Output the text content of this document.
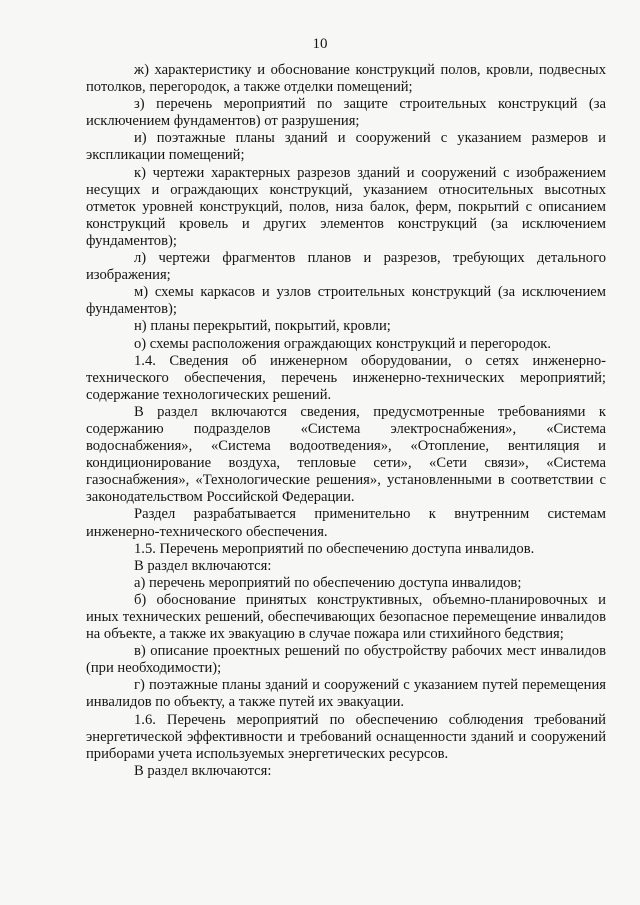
10

ж) характеристику и обоснование конструкций полов, кровли, подвесных потолков, перегородок, а также отделки помещений;

з) перечень мероприятий по защите строительных конструкций (за исключением фундаментов) от разрушения;

и) поэтажные планы зданий и сооружений с указанием размеров и экспликации помещений;

к) чертежи характерных разрезов зданий и сооружений с изображением несущих и ограждающих конструкций, указанием относительных высотных отметок уровней конструкций, полов, низа балок, ферм, покрытий с описанием конструкций кровель и других элементов конструкций (за исключением фундаментов);

л) чертежи фрагментов планов и разрезов, требующих детального изображения;

м) схемы каркасов и узлов строительных конструкций (за исключением фундаментов);

н) планы перекрытий, покрытий, кровли;

о) схемы расположения ограждающих конструкций и перегородок.

1.4. Сведения об инженерном оборудовании, о сетях инженерно-технического обеспечения, перечень инженерно-технических мероприятий; содержание технологических решений.

В раздел включаются сведения, предусмотренные требованиями к содержанию подразделов «Система электроснабжения», «Система водоснабжения», «Система водоотведения», «Отопление, вентиляция и кондиционирование воздуха, тепловые сети», «Сети связи», «Система газоснабжения», «Технологические решения», установленными в соответствии с законодательством Российской Федерации.

Раздел разрабатывается применительно к внутренним системам инженерно-технического обеспечения.

1.5. Перечень мероприятий по обеспечению доступа инвалидов.

В раздел включаются:

а) перечень мероприятий по обеспечению доступа инвалидов;

б) обоснование принятых конструктивных, объемно-планировочных и иных технических решений, обеспечивающих безопасное перемещение инвалидов на объекте, а также их эвакуацию в случае пожара или стихийного бедствия;

в) описание проектных решений по обустройству рабочих мест инвалидов (при необходимости);

г) поэтажные планы зданий и сооружений с указанием путей перемещения инвалидов по объекту, а также путей их эвакуации.

1.6. Перечень мероприятий по обеспечению соблюдения требований энергетической эффективности и требований оснащенности зданий и сооружений приборами учета используемых энергетических ресурсов.

В раздел включаются:
